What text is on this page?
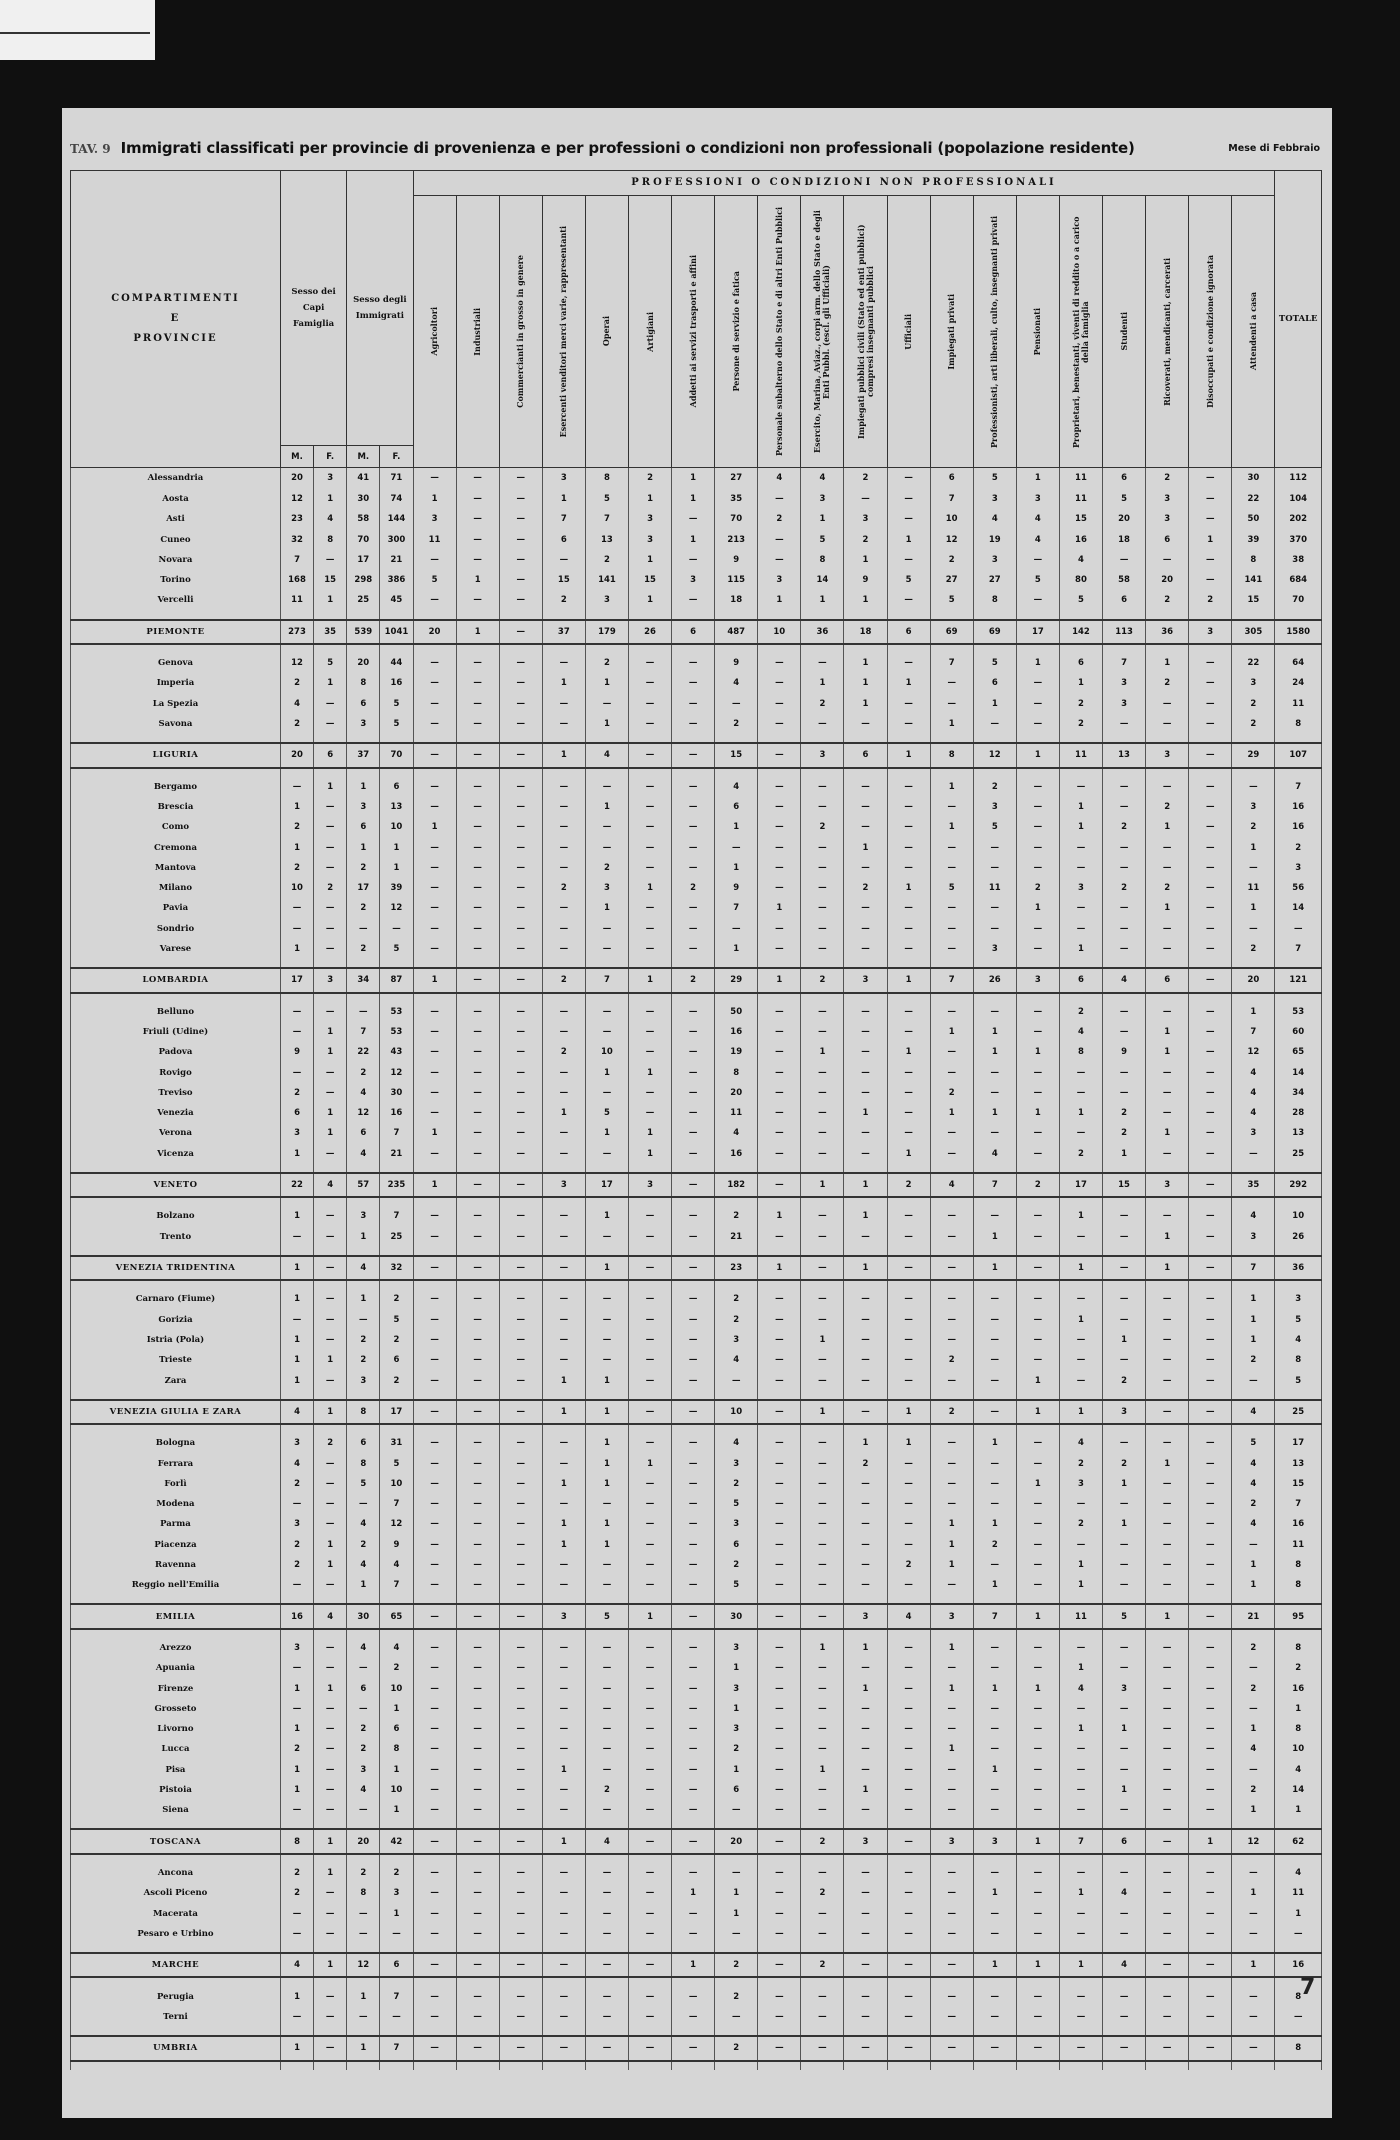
TAV. 9 Immigrati classificati per provincie di provenienza e per professioni o condizioni non professionali (popolazione residente)	Mese di Febbraio
COMPARTIMENTI
E
PROVINCIE	Sesso dei Capi Famiglia		Sesso degli Immigrati		PROFESSIONI O CONDIZIONI NON PROFESSIONALI																				TOTALE

					Agricoltori	Industriali	Commercianti in grosso in genere	Esercenti venditori merci varie, rappresentanti	Operai	Artigiani	Addetti ai servizi trasporti e affini	Persone di servizio e fatica	Personale subalterno dello Stato e di altri Enti Pubblici	Esercito, Marina, Aviaz., corpi arm. dello Stato e degli Enti Pubbl. (escl. gli Ufficiali)	Impiegati pubblici civili (Stato ed enti pubblici) compresi insegnanti pubblici	Ufficiali	Impiegati privati	Professionisti, arti liberali, culto, insegnanti privati	Pensionati	Proprietari, benestanti, viventi di reddito o a carico della famiglia	Studenti	Ricoverati, mendicanti, carcerati	Disoccupati e condizione ignorata	Attendenti a casa	

	M.	F.	M.	F.																					
Alessandria	20	3	41	71	—	—	—	3	8	2	1	27	4	4	2	—	6	5	1	11	6	2	—	30	112
Aosta	12	1	30	74	1	—	—	1	5	1	1	35	—	3	—	—	7	3	3	11	5	3	—	22	104
Asti	23	4	58	144	3	—	—	7	7	3	—	70	2	1	3	—	10	4	4	15	20	3	—	50	202
Cuneo	32	8	70	300	11	—	—	6	13	3	1	213	—	5	2	1	12	19	4	16	18	6	1	39	370
Novara	7	—	17	21	—	—	—	—	2	1	—	9	—	8	1	—	2	3	—	4	—	—	—	8	38
Torino	168	15	298	386	5	1	—	15	141	15	3	115	3	14	9	5	27	27	5	80	58	20	—	141	684
Vercelli	11	1	25	45	—	—	—	2	3	1	—	18	1	1	1	—	5	8	—	5	6	2	2	15	70

PIEMONTE	273	35	539	1041	20	1	—	37	179	26	6	487	10	36	18	6	69	69	17	142	113	36	3	305	1580

Genova	12	5	20	44	—	—	—	—	2	—	—	9	—	—	1	—	7	5	1	6	7	1	—	22	64
Imperia	2	1	8	16	—	—	—	1	1	—	—	4	—	1	1	1	—	6	—	1	3	2	—	3	24
La Spezia	4	—	6	5	—	—	—	—	—	—	—	—	—	2	1	—	—	1	—	2	3	—	—	2	11
Savona	2	—	3	5	—	—	—	—	1	—	—	2	—	—	—	—	1	—	—	2	—	—	—	2	8

LIGURIA	20	6	37	70	—	—	—	1	4	—	—	15	—	3	6	1	8	12	1	11	13	3	—	29	107

Bergamo	—	1	1	6	—	—	—	—	—	—	—	4	—	—	—	—	1	2	—	—	—	—	—	—	7
Brescia	1	—	3	13	—	—	—	—	1	—	—	6	—	—	—	—	—	3	—	1	—	2	—	3	16
Como	2	—	6	10	1	—	—	—	—	—	—	1	—	2	—	—	1	5	—	1	2	1	—	2	16
Cremona	1	—	1	1	—	—	—	—	—	—	—	—	—	—	1	—	—	—	—	—	—	—	—	1	2
Mantova	2	—	2	1	—	—	—	—	2	—	—	1	—	—	—	—	—	—	—	—	—	—	—	—	3
Milano	10	2	17	39	—	—	—	2	3	1	2	9	—	—	2	1	5	11	2	3	2	2	—	11	56
Pavia	—	—	2	12	—	—	—	—	1	—	—	7	1	—	—	—	—	—	1	—	—	1	—	1	14
Sondrio	—	—	—	—	—	—	—	—	—	—	—	—	—	—	—	—	—	—	—	—	—	—	—	—	—
Varese	1	—	2	5	—	—	—	—	—	—	—	1	—	—	—	—	—	3	—	1	—	—	—	2	7

LOMBARDIA	17	3	34	87	1	—	—	2	7	1	2	29	1	2	3	1	7	26	3	6	4	6	—	20	121

Belluno	—	—	—	53	—	—	—	—	—	—	—	50	—	—	—	—	—	—	—	2	—	—	—	1	53
Friuli (Udine)	—	1	7	53	—	—	—	—	—	—	—	16	—	—	—	—	1	1	—	4	—	1	—	7	60
Padova	9	1	22	43	—	—	—	2	10	—	—	19	—	1	—	1	—	1	1	8	9	1	—	12	65
Rovigo	—	—	2	12	—	—	—	—	1	1	—	8	—	—	—	—	—	—	—	—	—	—	—	4	14
Treviso	2	—	4	30	—	—	—	—	—	—	—	20	—	—	—	—	2	—	—	—	—	—	—	4	34
Venezia	6	1	12	16	—	—	—	1	5	—	—	11	—	—	1	—	1	1	1	1	2	—	—	4	28
Verona	3	1	6	7	1	—	—	—	1	1	—	4	—	—	—	—	—	—	—	—	2	1	—	3	13
Vicenza	1	—	4	21	—	—	—	—	—	1	—	16	—	—	—	1	—	4	—	2	1	—	—	—	25

VENETO	22	4	57	235	1	—	—	3	17	3	—	182	—	1	1	2	4	7	2	17	15	3	—	35	292

Bolzano	1	—	3	7	—	—	—	—	1	—	—	2	1	—	1	—	—	—	—	1	—	—	—	4	10
Trento	—	—	1	25	—	—	—	—	—	—	—	21	—	—	—	—	—	1	—	—	—	1	—	3	26

VENEZIA TRIDENTINA	1	—	4	32	—	—	—	—	1	—	—	23	1	—	1	—	—	1	—	1	—	1	—	7	36

Carnaro (Fiume)	1	—	1	2	—	—	—	—	—	—	—	2	—	—	—	—	—	—	—	—	—	—	—	1	3
Gorizia	—	—	—	5	—	—	—	—	—	—	—	2	—	—	—	—	—	—	—	1	—	—	—	1	5
Istria (Pola)	1	—	2	2	—	—	—	—	—	—	—	3	—	1	—	—	—	—	—	—	1	—	—	1	4
Trieste	1	1	2	6	—	—	—	—	—	—	—	4	—	—	—	—	2	—	—	—	—	—	—	2	8
Zara	1	—	3	2	—	—	—	1	1	—	—	—	—	—	—	—	—	—	1	—	2	—	—	—	5

VENEZIA GIULIA E ZARA	4	1	8	17	—	—	—	1	1	—	—	10	—	1	—	1	2	—	1	1	3	—	—	4	25

Bologna	3	2	6	31	—	—	—	—	1	—	—	4	—	—	1	1	—	1	—	4	—	—	—	5	17
Ferrara	4	—	8	5	—	—	—	—	1	1	—	3	—	—	2	—	—	—	—	2	2	1	—	4	13
Forlì	2	—	5	10	—	—	—	1	1	—	—	2	—	—	—	—	—	—	1	3	1	—	—	4	15
Modena	—	—	—	7	—	—	—	—	—	—	—	5	—	—	—	—	—	—	—	—	—	—	—	2	7
Parma	3	—	4	12	—	—	—	1	1	—	—	3	—	—	—	—	1	1	—	2	1	—	—	4	16
Piacenza	2	1	2	9	—	—	—	1	1	—	—	6	—	—	—	—	1	2	—	—	—	—	—	—	11
Ravenna	2	1	4	4	—	—	—	—	—	—	—	2	—	—	—	2	1	—	—	1	—	—	—	1	8
Reggio nell'Emilia	—	—	1	7	—	—	—	—	—	—	—	5	—	—	—	—	—	1	—	1	—	—	—	1	8

EMILIA	16	4	30	65	—	—	—	3	5	1	—	30	—	—	3	4	3	7	1	11	5	1	—	21	95

Arezzo	3	—	4	4	—	—	—	—	—	—	—	3	—	1	1	—	1	—	—	—	—	—	—	2	8
Apuania	—	—	—	2	—	—	—	—	—	—	—	1	—	—	—	—	—	—	—	1	—	—	—	—	2
Firenze	1	1	6	10	—	—	—	—	—	—	—	3	—	—	1	—	1	1	1	4	3	—	—	2	16
Grosseto	—	—	—	1	—	—	—	—	—	—	—	1	—	—	—	—	—	—	—	—	—	—	—	—	1
Livorno	1	—	2	6	—	—	—	—	—	—	—	3	—	—	—	—	—	—	—	1	1	—	—	1	8
Lucca	2	—	2	8	—	—	—	—	—	—	—	2	—	—	—	—	1	—	—	—	—	—	—	4	10
Pisa	1	—	3	1	—	—	—	1	—	—	—	1	—	1	—	—	—	1	—	—	—	—	—	—	4
Pistoia	1	—	4	10	—	—	—	—	2	—	—	6	—	—	1	—	—	—	—	—	1	—	—	2	14
Siena	—	—	—	1	—	—	—	—	—	—	—	—	—	—	—	—	—	—	—	—	—	—	—	1	1

TOSCANA	8	1	20	42	—	—	—	1	4	—	—	20	—	2	3	—	3	3	1	7	6	—	1	12	62

Ancona	2	1	2	2	—	—	—	—	—	—	—	—	—	—	—	—	—	—	—	—	—	—	—	—	4
Ascoli Piceno	2	—	8	3	—	—	—	—	—	—	1	1	—	2	—	—	—	1	—	1	4	—	—	1	11
Macerata	—	—	—	1	—	—	—	—	—	—	—	1	—	—	—	—	—	—	—	—	—	—	—	—	1
Pesaro e Urbino	—	—	—	—	—	—	—	—	—	—	—	—	—	—	—	—	—	—	—	—	—	—	—	—	—

MARCHE	4	1	12	6	—	—	—	—	—	—	1	2	—	2	—	—	—	1	1	1	4	—	—	1	16

Perugia	1	—	1	7	—	—	—	—	—	—	—	2	—	—	—	—	—	—	—	—	—	—	—	—	8
Terni	—	—	—	—	—	—	—	—	—	—	—	—	—	—	—	—	—	—	—	—	—	—	—	—	—

UMBRIA	1	—	1	7	—	—	—	—	—	—	—	2	—	—	—	—	—	—	—	—	—	—	—	—	8

7
